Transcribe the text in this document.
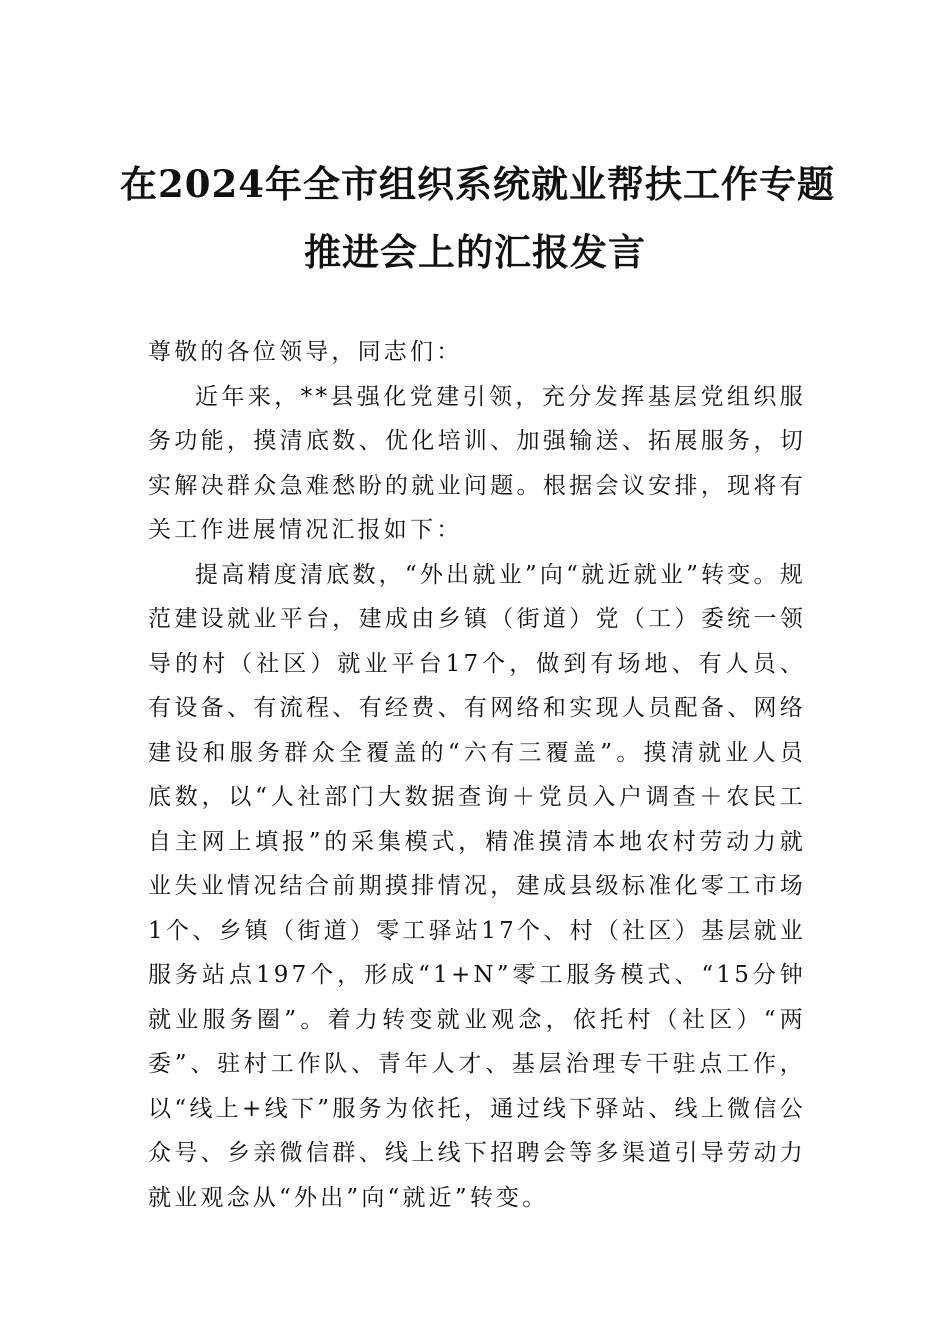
在2024年全市组织系统就业帮扶工作专题
推进会上的汇报发言

尊敬的各位领导，同志们：

近年来，**县强化党建引领，充分发挥基层党组织服务功能，摸清底数、优化培训、加强输送、拓展服务，切实解决群众急难愁盼的就业问题。根据会议安排，现将有关工作进展情况汇报如下：

提高精度清底数，“外出就业”向“就近就业”转变。规范建设就业平台，建成由乡镇（街道）党（工）委统一领导的村（社区）就业平台17个，做到有场地、有人员、有设备、有流程、有经费、有网络和实现人员配备、网络建设和服务群众全覆盖的“六有三覆盖”。摸清就业人员底数，以“人社部门大数据查询＋党员入户调查＋农民工自主网上填报”的采集模式，精准摸清本地农村劳动力就业失业情况结合前期摸排情况，建成县级标准化零工市场1个、乡镇（街道）零工驿站17个、村（社区）基层就业服务站点197个，形成“1+N”零工服务模式、“15分钟就业服务圈”。着力转变就业观念，依托村（社区）“两委”、驻村工作队、青年人才、基层治理专干驻点工作，以“线上+线下”服务为依托，通过线下驿站、线上微信公众号、乡亲微信群、线上线下招聘会等多渠道引导劳动力就业观念从“外出”向“就近”转变。
